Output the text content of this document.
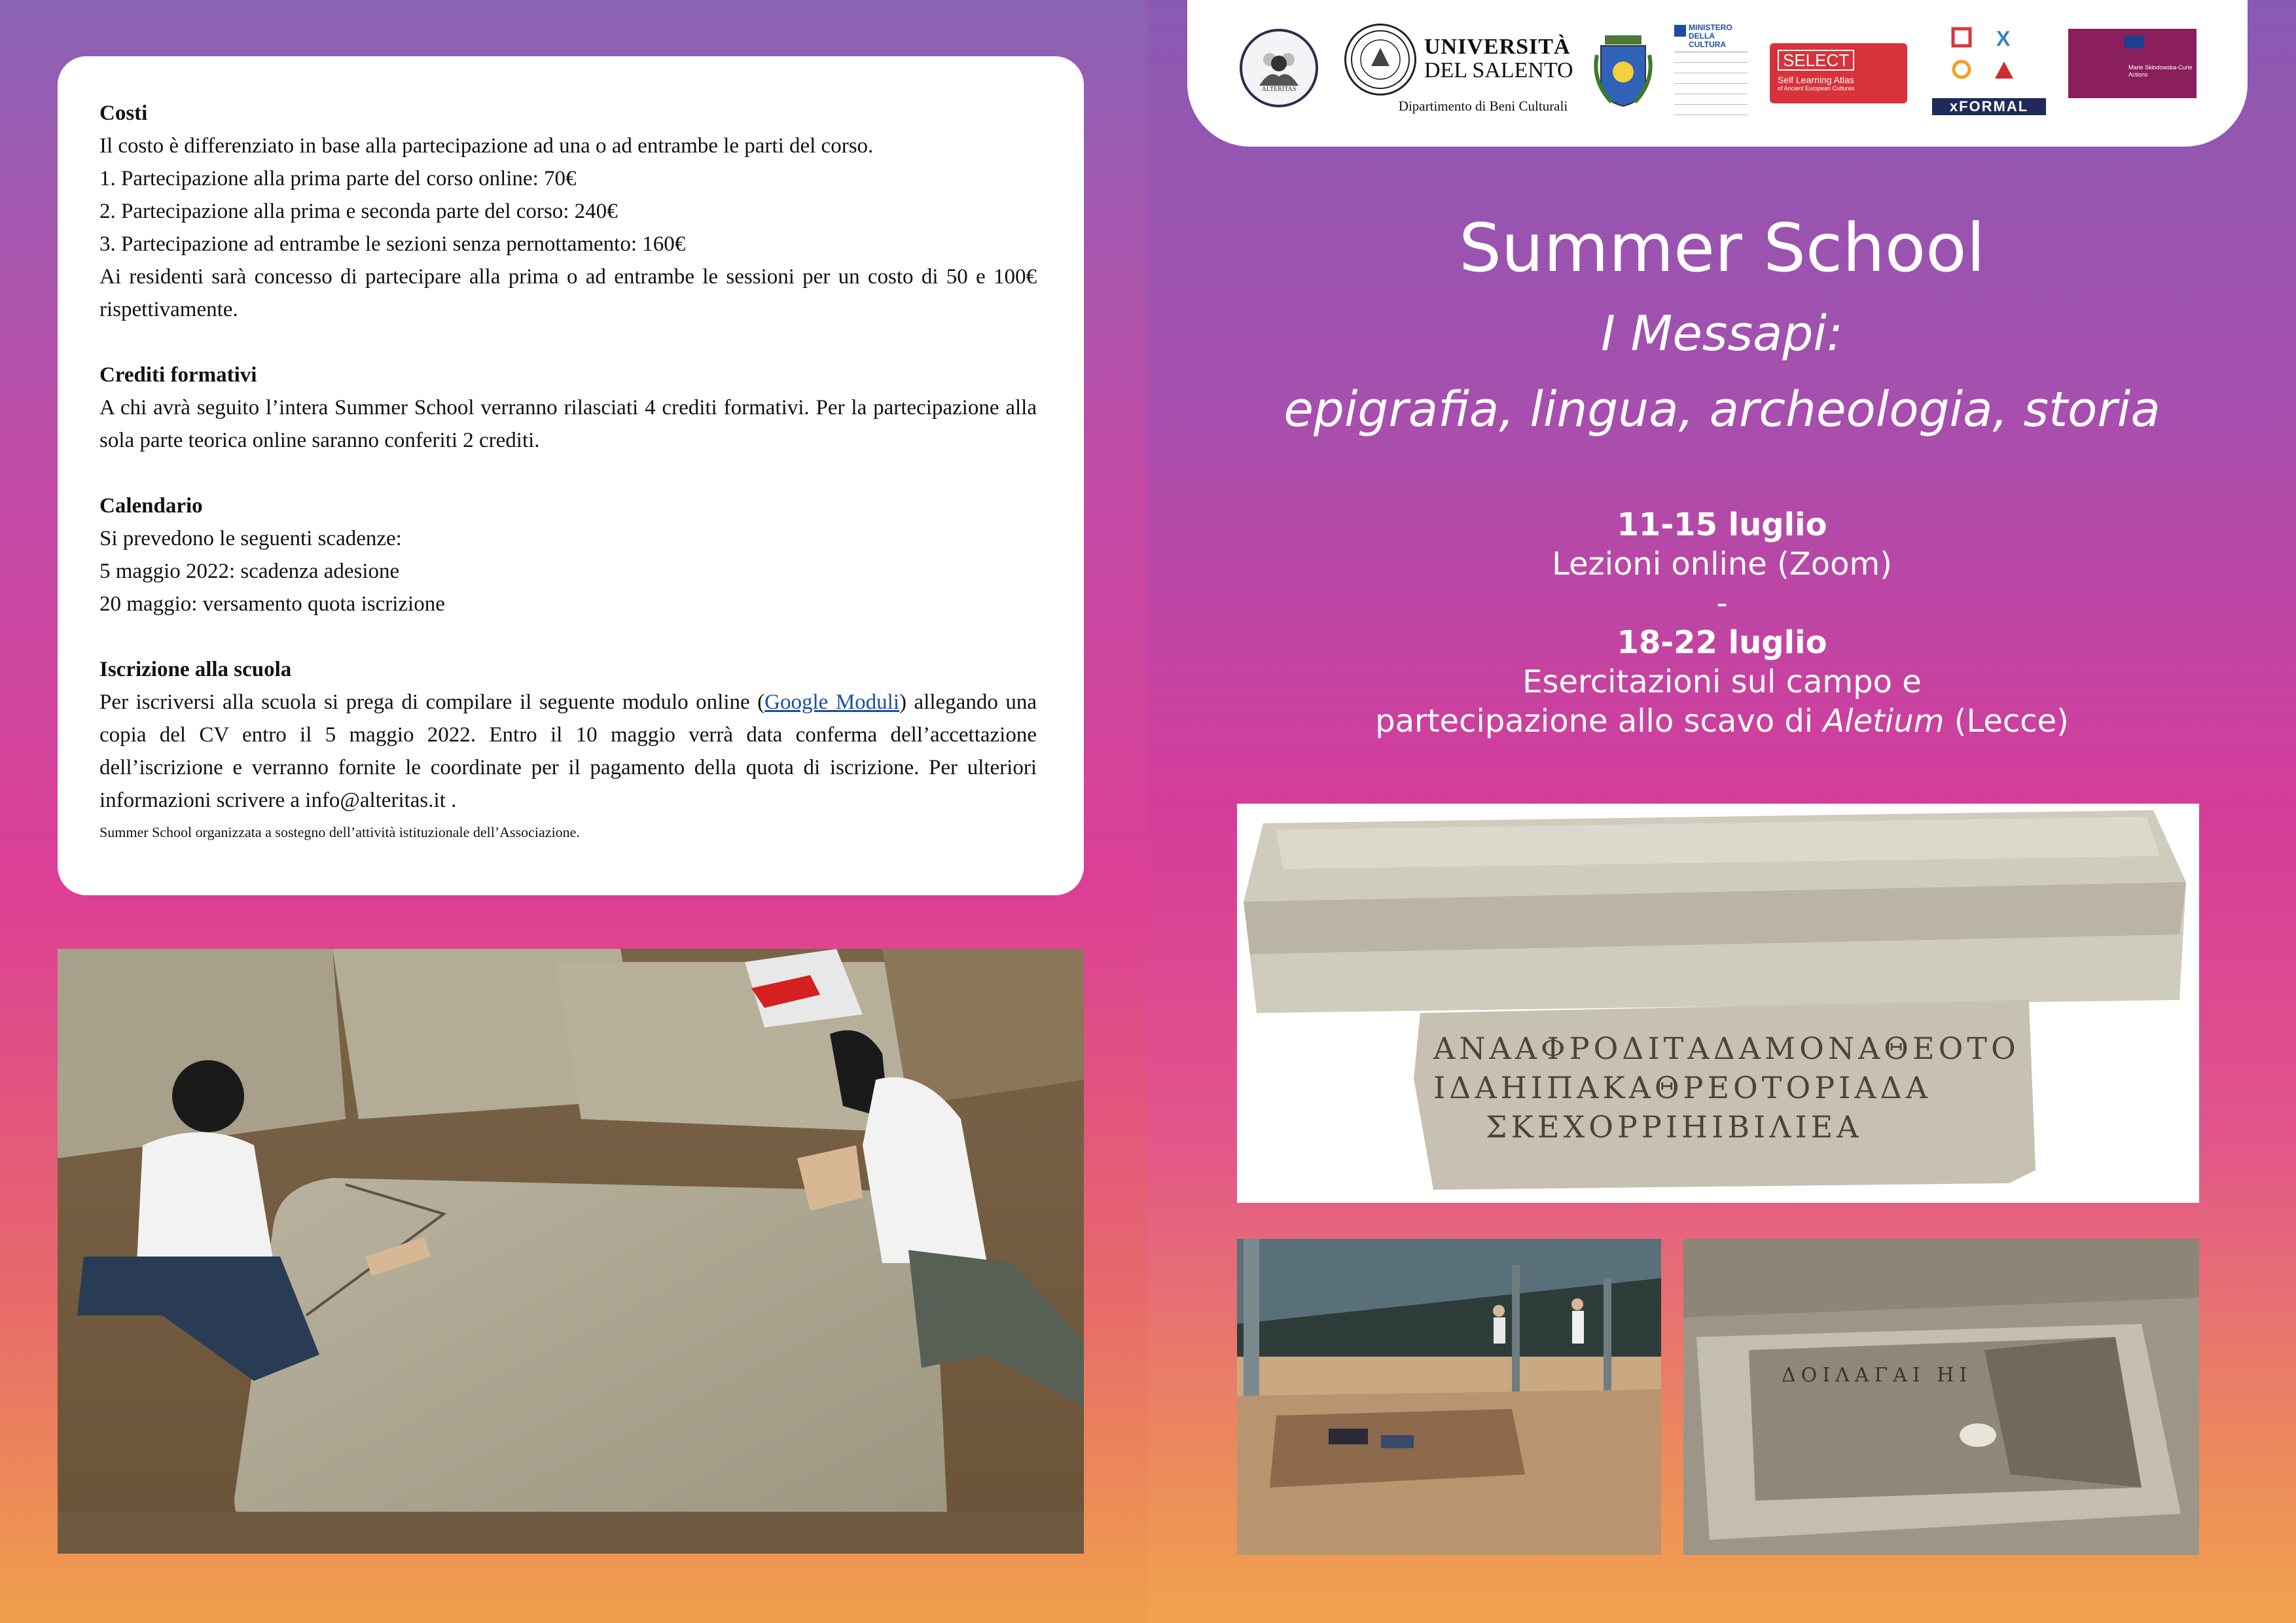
Costi
Il costo è differenziato in base alla partecipazione ad una o ad entrambe le parti del corso.
1. Partecipazione alla prima parte del corso online: 70€
2. Partecipazione alla prima e seconda parte del corso: 240€
3. Partecipazione ad entrambe le sezioni senza pernottamento: 160€
Ai residenti sarà concesso di partecipare alla prima o ad entrambe le sessioni per un costo di 50 e 100€ rispettivamente.
Crediti formativi
A chi avrà seguito l’intera Summer School verranno rilasciati 4 crediti formativi. Per la partecipazione alla sola parte teorica online saranno conferiti 2 crediti.
Calendario
Si prevedono le seguenti scadenze:
5 maggio 2022: scadenza adesione
20 maggio: versamento quota iscrizione
Iscrizione alla scuola
Per iscriversi alla scuola si prega di compilare il seguente modulo online (Google Moduli) allegando una copia del CV entro il 5 maggio 2022. Entro il 10 maggio verrà data conferma dell’accettazione dell’iscrizione e verranno fornite le coordinate per il pagamento della quota di iscrizione. Per ulteriori informazioni scrivere a info@alteritas.it .
Summer School organizzata a sostegno dell’attività istituzionale dell’Associazione.
ALTERITAS
UNIVERSITÀ
DEL SALENTO
Dipartimento di Beni Culturali
MINISTERO DELLA CULTURA
SELECT
Self Learning Atlas
of Ancient European Cultures
X
xFORMAL
Marie Skłodowska-Curie Actions
Summer School
I Messapi:
epigrafia, lingua, archeologia, storia
11-15 luglio
Lezioni online (Zoom)
-
18-22 luglio
Esercitazioni sul campo e
partecipazione allo scavo di Aletium (Lecce)
ΑΝΑΑΦΡΟΔΙΤΑΔΑΜΟΝΑΘΕΟΤΟ
ΙΔΑΗΙΠΑΚΑΘΡΕΟΤΟΡΙΑΔΑ
ΣΚΕΧΟΡΡΙΗΙΒΙΛΙΕΑ
ΔΟΙΛΑΓΑΙ ΗΙ
